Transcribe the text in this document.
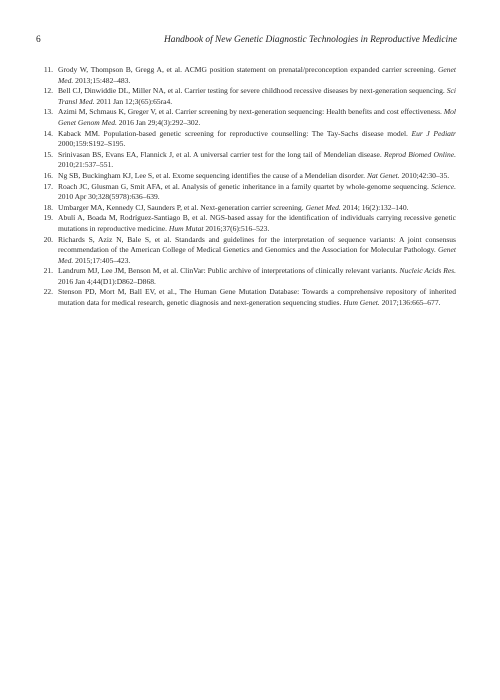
6	Handbook of New Genetic Diagnostic Technologies in Reproductive Medicine
11. Grody W, Thompson B, Gregg A, et al. ACMG position statement on prenatal/preconception expanded carrier screening. Genet Med. 2013;15:482–483.
12. Bell CJ, Dinwiddie DL, Miller NA, et al. Carrier testing for severe childhood recessive diseases by next-generation sequencing. Sci Transl Med. 2011 Jan 12;3(65):65ra4.
13. Azimi M, Schmaus K, Greger V, et al. Carrier screening by next-generation sequencing: Health benefits and cost effectiveness. Mol Genet Genom Med. 2016 Jan 29;4(3):292–302.
14. Kaback MM. Population-based genetic screening for reproductive counselling: The Tay-Sachs disease model. Eur J Pediatr 2000;159:S192–S195.
15. Srinivasan BS, Evans EA, Flannick J, et al. A universal carrier test for the long tail of Mendelian disease. Reprod Biomed Online. 2010;21:537–551.
16. Ng SB, Buckingham KJ, Lee S, et al. Exome sequencing identifies the cause of a Mendelian disorder. Nat Genet. 2010;42:30–35.
17. Roach JC, Glusman G, Smit AFA, et al. Analysis of genetic inheritance in a family quartet by whole-genome sequencing. Science. 2010 Apr 30;328(5978):636–639.
18. Umbarger MA, Kennedy CJ, Saunders P, et al. Next-generation carrier screening. Genet Med. 2014; 16(2):132–140.
19. Abulí A, Boada M, Rodríguez-Santiago B, et al. NGS-based assay for the identification of individuals carrying recessive genetic mutations in reproductive medicine. Hum Mutat 2016;37(6):516–523.
20. Richards S, Aziz N, Bale S, et al. Standards and guidelines for the interpretation of sequence variants: A joint consensus recommendation of the American College of Medical Genetics and Genomics and the Association for Molecular Pathology. Genet Med. 2015;17:405–423.
21. Landrum MJ, Lee JM, Benson M, et al. ClinVar: Public archive of interpretations of clinically relevant variants. Nucleic Acids Res. 2016 Jan 4;44(D1):D862–D868.
22. Stenson PD, Mort M, Ball EV, et al., The Human Gene Mutation Database: Towards a comprehensive repository of inherited mutation data for medical research, genetic diagnosis and next-generation sequencing studies. Hum Genet. 2017;136:665–677.
